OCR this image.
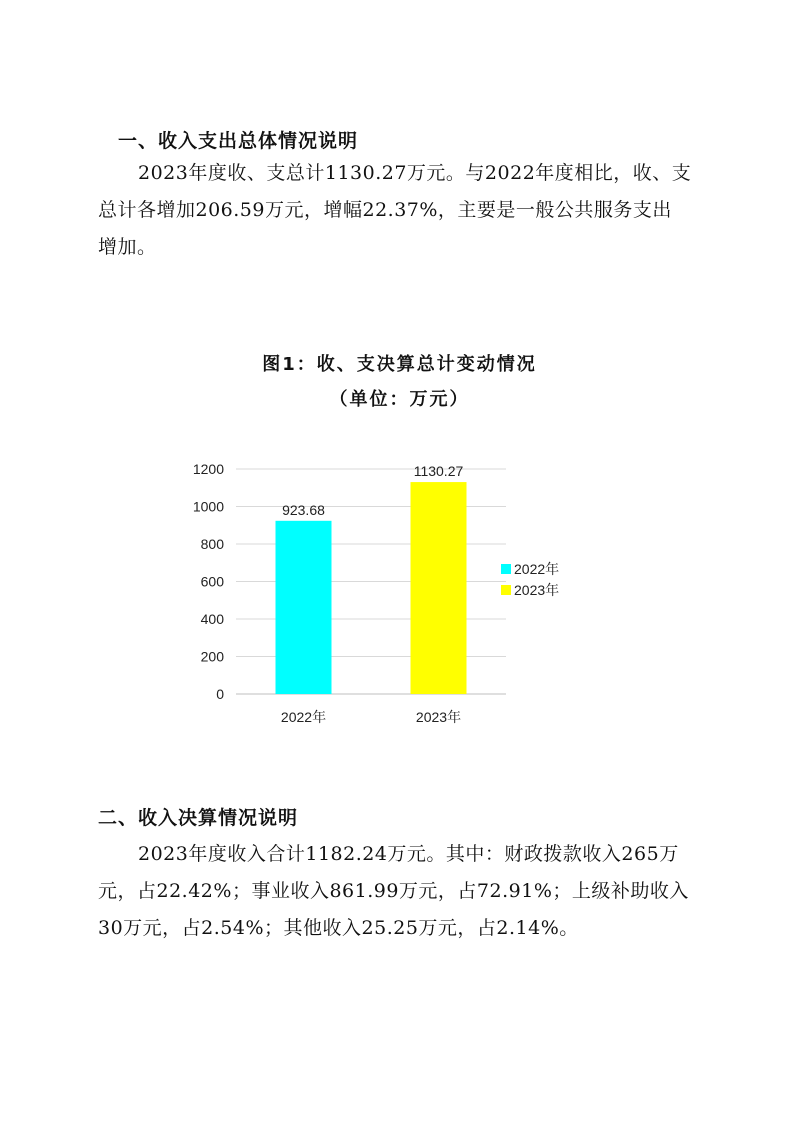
一、收入支出总体情况说明
2023年度收、支总计1130.27万元。与2022年度相比，收、支
总计各增加206.59万元，增幅22.37%，主要是一般公共服务支出
增加。
图1：收、支决算总计变动情况
（单位：万元）
0
200
400
600
800
1000
1200
923.68
1130.27
2022年	2023年
2022年
2023年
二、收入决算情况说明
2023年度收入合计1182.24万元。其中：财政拨款收入265万
元，占22.42%；事业收入861.99万元，占72.91%；上级补助收入
30万元，占2.54%；其他收入25.25万元，占2.14%。
